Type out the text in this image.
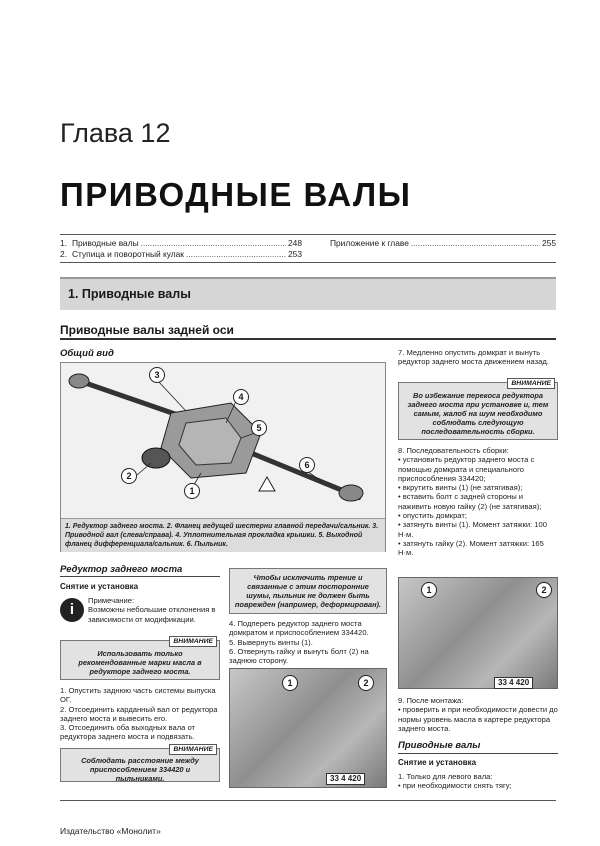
Глава 12
ПРИВОДНЫЕ ВАЛЫ
1. Приводные валы .....	248
2. Ступица и поворотный кулак .....	253
Приложение к главе .....	255
1. Приводные валы
Приводные валы задней оси
Общий вид
1
2
3
4
5
6
1. Редуктор заднего моста. 2. Фланец ведущей шестерни главной передачи/сальник. 3. Приводной вал (слева/справа). 4. Уплотнительная прокладка крышки. 5. Выходной фланец дифференциала/сальник. 6. Пыльник.
Редуктор заднего моста
Снятие и установка
i
Примечание:
Возможны небольшие отклонения в зависимости от модификации.
ВНИМАНИЕ
Использовать только рекомендованные марки масла в редукторе заднего моста.
1. Опустить заднюю часть системы выпуска ОГ.
2. Отсоединить карданный вал от редуктора заднего моста и вывесить его.
3. Отсоединить оба выходных вала от редуктора заднего моста и подвязать.
ВНИМАНИЕ
Соблюдать расстояние между приспособлением 334420 и пыльниками.
Чтобы исключить трение и связанные с этим посторонние шумы, пыльник не должен быть поврежден (например, деформирован).
4. Подпереть редуктор заднего моста домкратом и приспособлением 334420.
5. Вывернуть винты (1).
6. Отвернуть гайку и вынуть болт (2) на заднюю сторону.
1	2
33 4 420
7. Медленно опустить домкрат и вынуть редуктор заднего моста движением назад.
ВНИМАНИЕ
Во избежание перекоса редуктора заднего моста при установке и, тем самым, жалоб на шум необходимо соблюдать следующую последовательность сборки.
8. Последовательность сборки:
• установить редуктор заднего моста с помощью домкрата и специального приспособления 334420;
• вкрутить винты (1) (не затягивая);
• вставить болт с задней стороны и наживить новую гайку (2) (не затягивая);
• опустить домкрат;
• затянуть винты (1). Момент затяжки: 100 Н·м.
• затянуть гайку (2). Момент затяжки: 165 Н·м.
1	2
33 4 420
9. После монтажа:
• проверить и при необходимости довести до нормы уровень масла в картере редуктора заднего моста.
Приводные валы
Снятие и установка
1. Только для левого вала:
• при необходимости снять тягу;
Издательство «Монолит»
